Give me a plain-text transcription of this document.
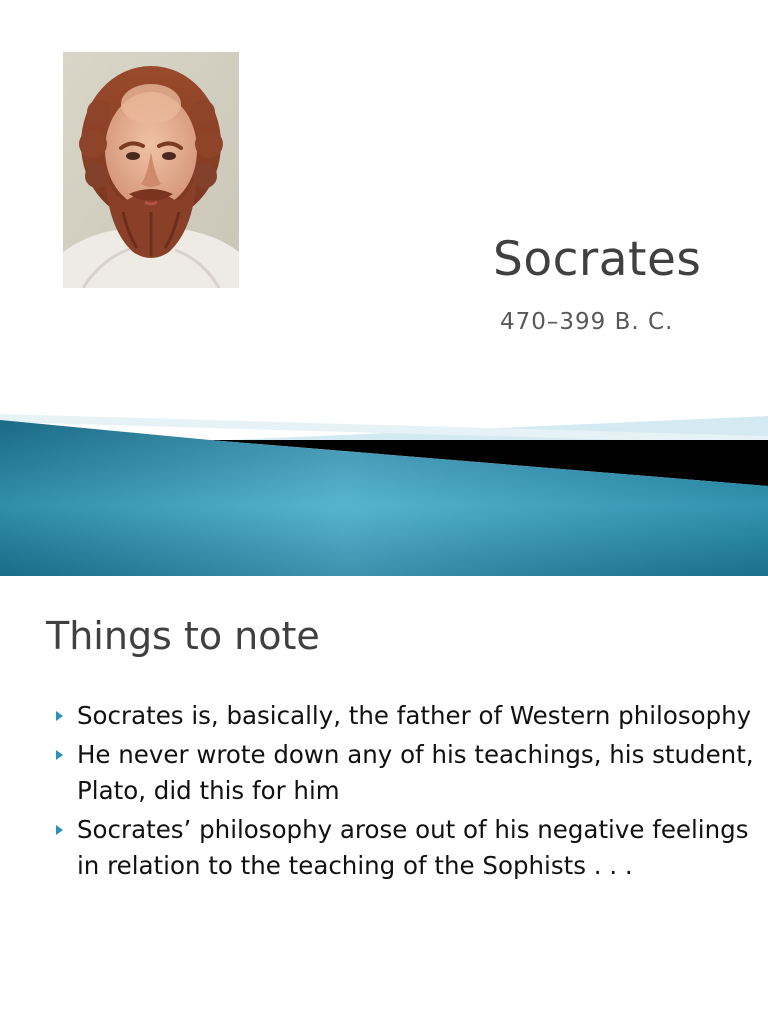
Socrates
470–399 B. C.
Things to note
Socrates is, basically, the father of Western philosophy
He never wrote down any of his teachings, his student, Plato, did this for him
Socrates’ philosophy arose out of his negative feelings in relation to the teaching of the Sophists . . .
